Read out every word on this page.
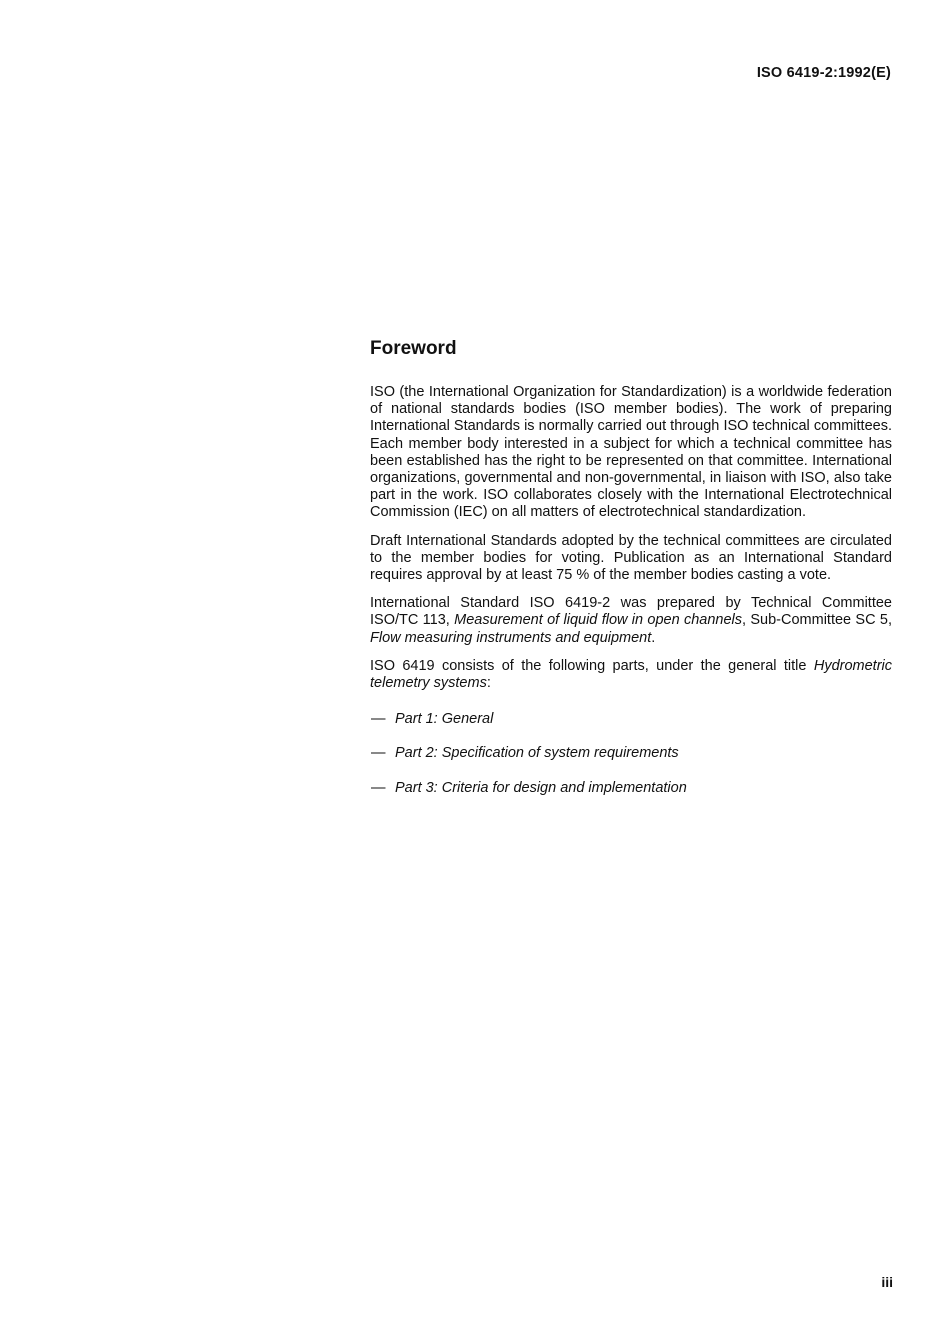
ISO 6419-2:1992(E)
Foreword

ISO (the International Organization for Standardization) is a worldwide federation of national standards bodies (ISO member bodies). The work of preparing International Standards is normally carried out through ISO technical committees. Each member body interested in a subject for which a technical committee has been established has the right to be represented on that committee. International organizations, governmental and non-governmental, in liaison with ISO, also take part in the work. ISO collaborates closely with the International Electrotechnical Commission (IEC) on all matters of electrotechnical standardization.

Draft International Standards adopted by the technical committees are circulated to the member bodies for voting. Publication as an International Standard requires approval by at least 75 % of the member bodies casting a vote.

International Standard ISO 6419-2 was prepared by Technical Committee ISO/TC 113, Measurement of liquid flow in open channels, Sub-Committee SC 5, Flow measuring instruments and equipment.

ISO 6419 consists of the following parts, under the general title Hydrometric telemetry systems:

— Part 1: General
— Part 2: Specification of system requirements
— Part 3: Criteria for design and implementation
iii
